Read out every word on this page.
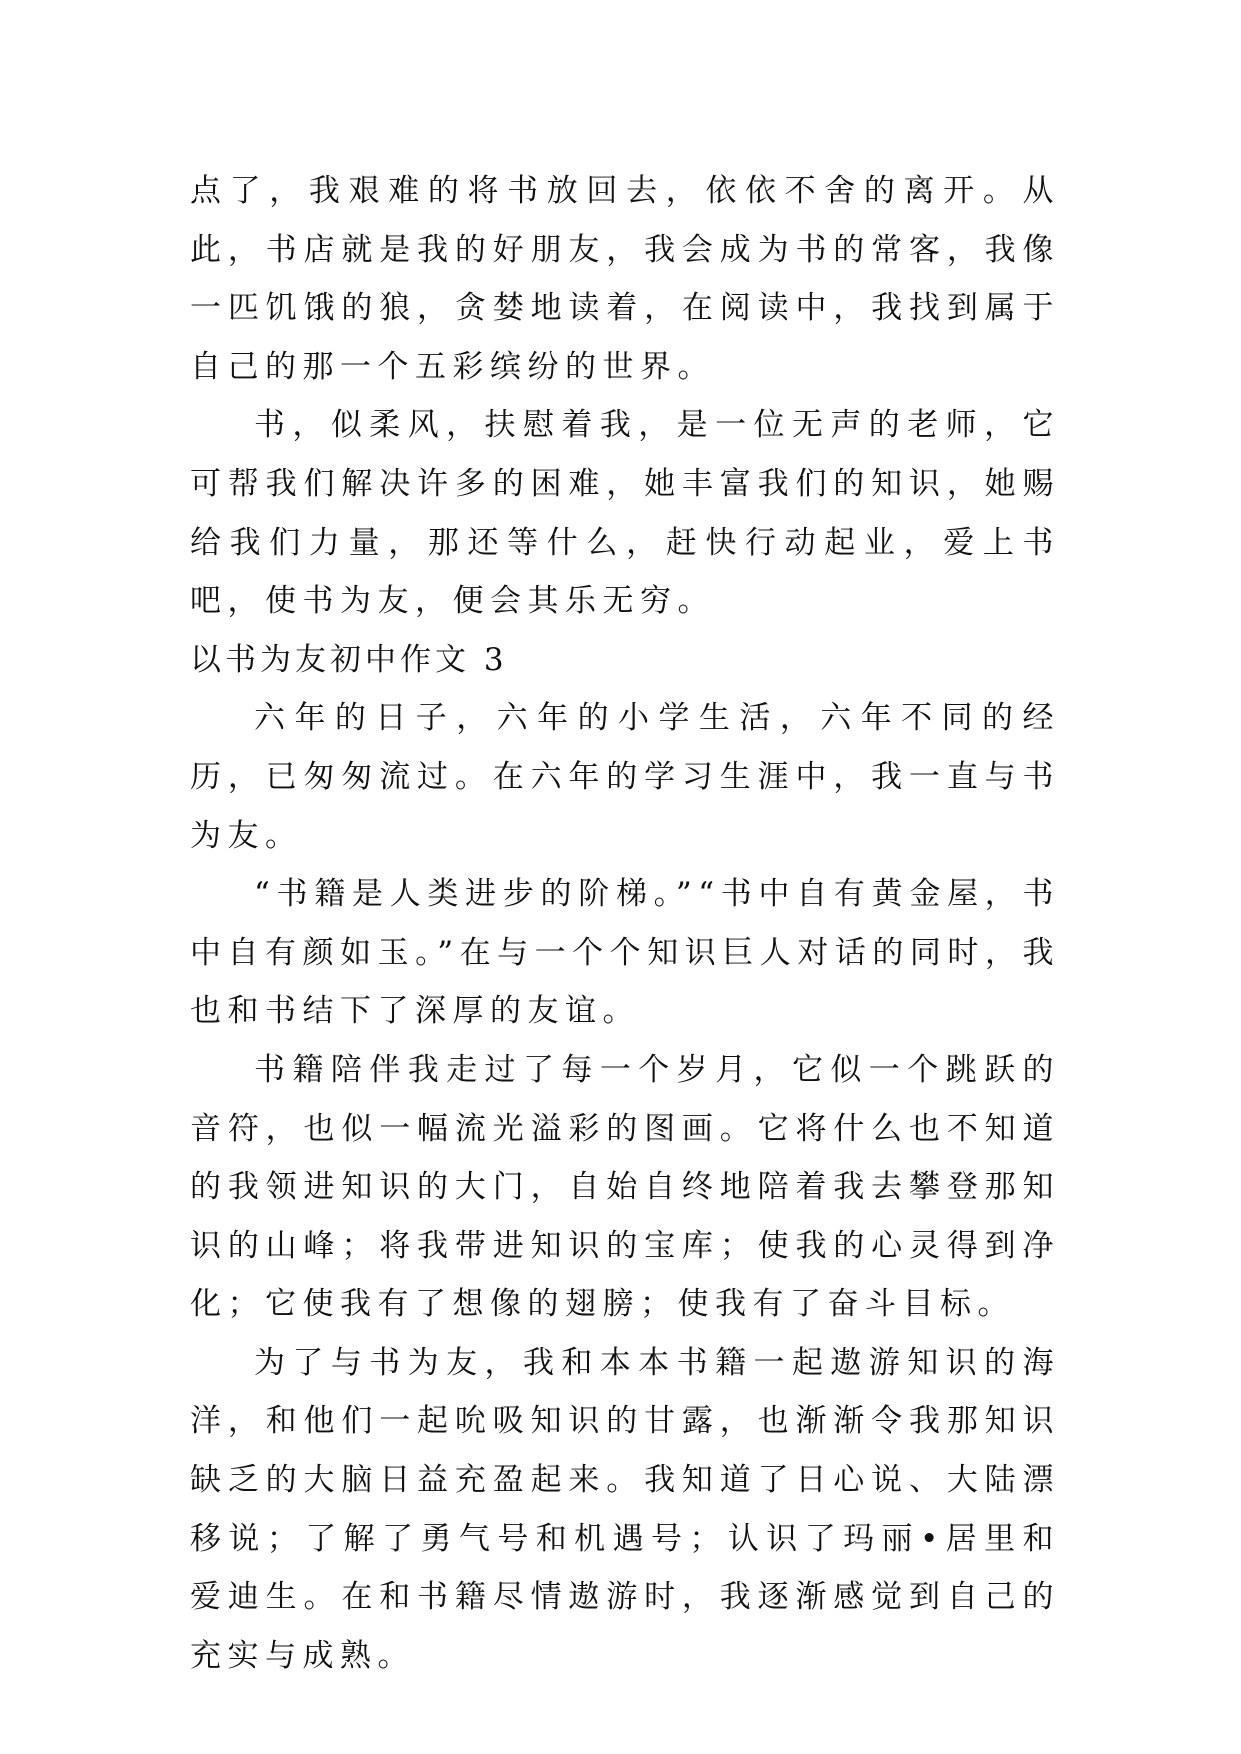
点了，我艰难的将书放回去，依依不舍的离开。从此，书店就是我的好朋友，我会成为书的常客，我像一匹饥饿的狼，贪婪地读着，在阅读中，我找到属于自己的那一个五彩缤纷的世界。

书，似柔风，扶慰着我，是一位无声的老师，它可帮我们解决许多的困难，她丰富我们的知识，她赐给我们力量，那还等什么，赶快行动起业，爱上书吧，使书为友，便会其乐无穷。

以书为友初中作文 3

六年的日子，六年的小学生活，六年不同的经历，已匆匆流过。在六年的学习生涯中，我一直与书为友。

“书籍是人类进步的阶梯。”“书中自有黄金屋，书中自有颜如玉。”在与一个个知识巨人对话的同时，我也和书结下了深厚的友谊。

书籍陪伴我走过了每一个岁月，它似一个跳跃的音符，也似一幅流光溢彩的图画。它将什么也不知道的我领进知识的大门，自始自终地陪着我去攀登那知识的山峰；将我带进知识的宝库；使我的心灵得到净化；它使我有了想像的翅膀；使我有了奋斗目标。

为了与书为友，我和本本书籍一起遨游知识的海洋，和他们一起吮吸知识的甘露，也渐渐令我那知识缺乏的大脑日益充盈起来。我知道了日心说、大陆漂移说；了解了勇气号和机遇号；认识了玛丽•居里和爱迪生。在和书籍尽情遨游时，我逐渐感觉到自己的充实与成熟。
